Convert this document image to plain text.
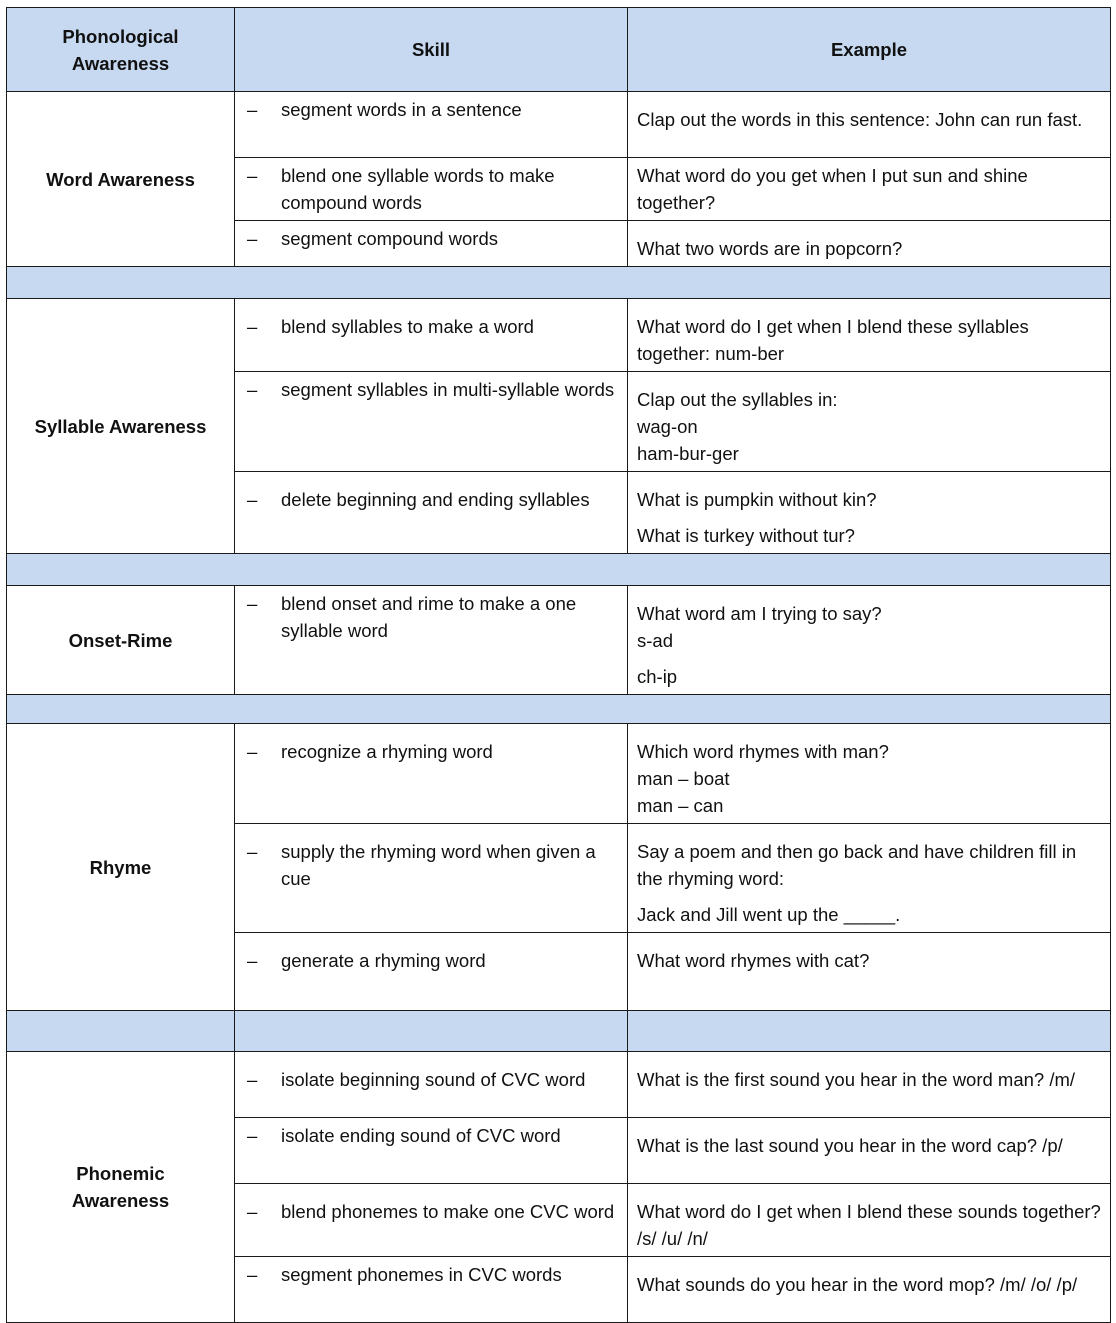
Phonological Awareness	Skill	Example
Word Awareness	– segment words in a sentence	Clap out the words in this sentence: John can run fast.

	– blend one syllable words to make compound words	What word do you get when I put sun and shine together?

	– segment compound words	What two words are in popcorn?

Syllable Awareness	– blend syllables to make a word	What word do I get when I blend these syllables together: num-ber

	– segment syllables in multi-syllable words	Clap out the syllables in:
wag-on
ham-bur-ger

	– delete beginning and ending syllables	What is pumpkin without kin?
What is turkey without tur?

Onset-Rime	– blend onset and rime to make a one syllable word	What word am I trying to say?
s-ad
ch-ip

Rhyme	– recognize a rhyming word	Which word rhymes with man?
man – boat
man – can

	– supply the rhyming word when given a cue	Say a poem and then go back and have children fill in the rhyming word:
Jack and Jill went up the _____.

	– generate a rhyming word	What word rhymes with cat?

Phonemic Awareness	– isolate beginning sound of CVC word	What is the first sound you hear in the word man? /m/

	– isolate ending sound of CVC word	What is the last sound you hear in the word cap? /p/

	– blend phonemes to make one CVC word	What word do I get when I blend these sounds together? /s/ /u/ /n/

	– segment phonemes in CVC words	What sounds do you hear in the word mop? /m/ /o/ /p/
